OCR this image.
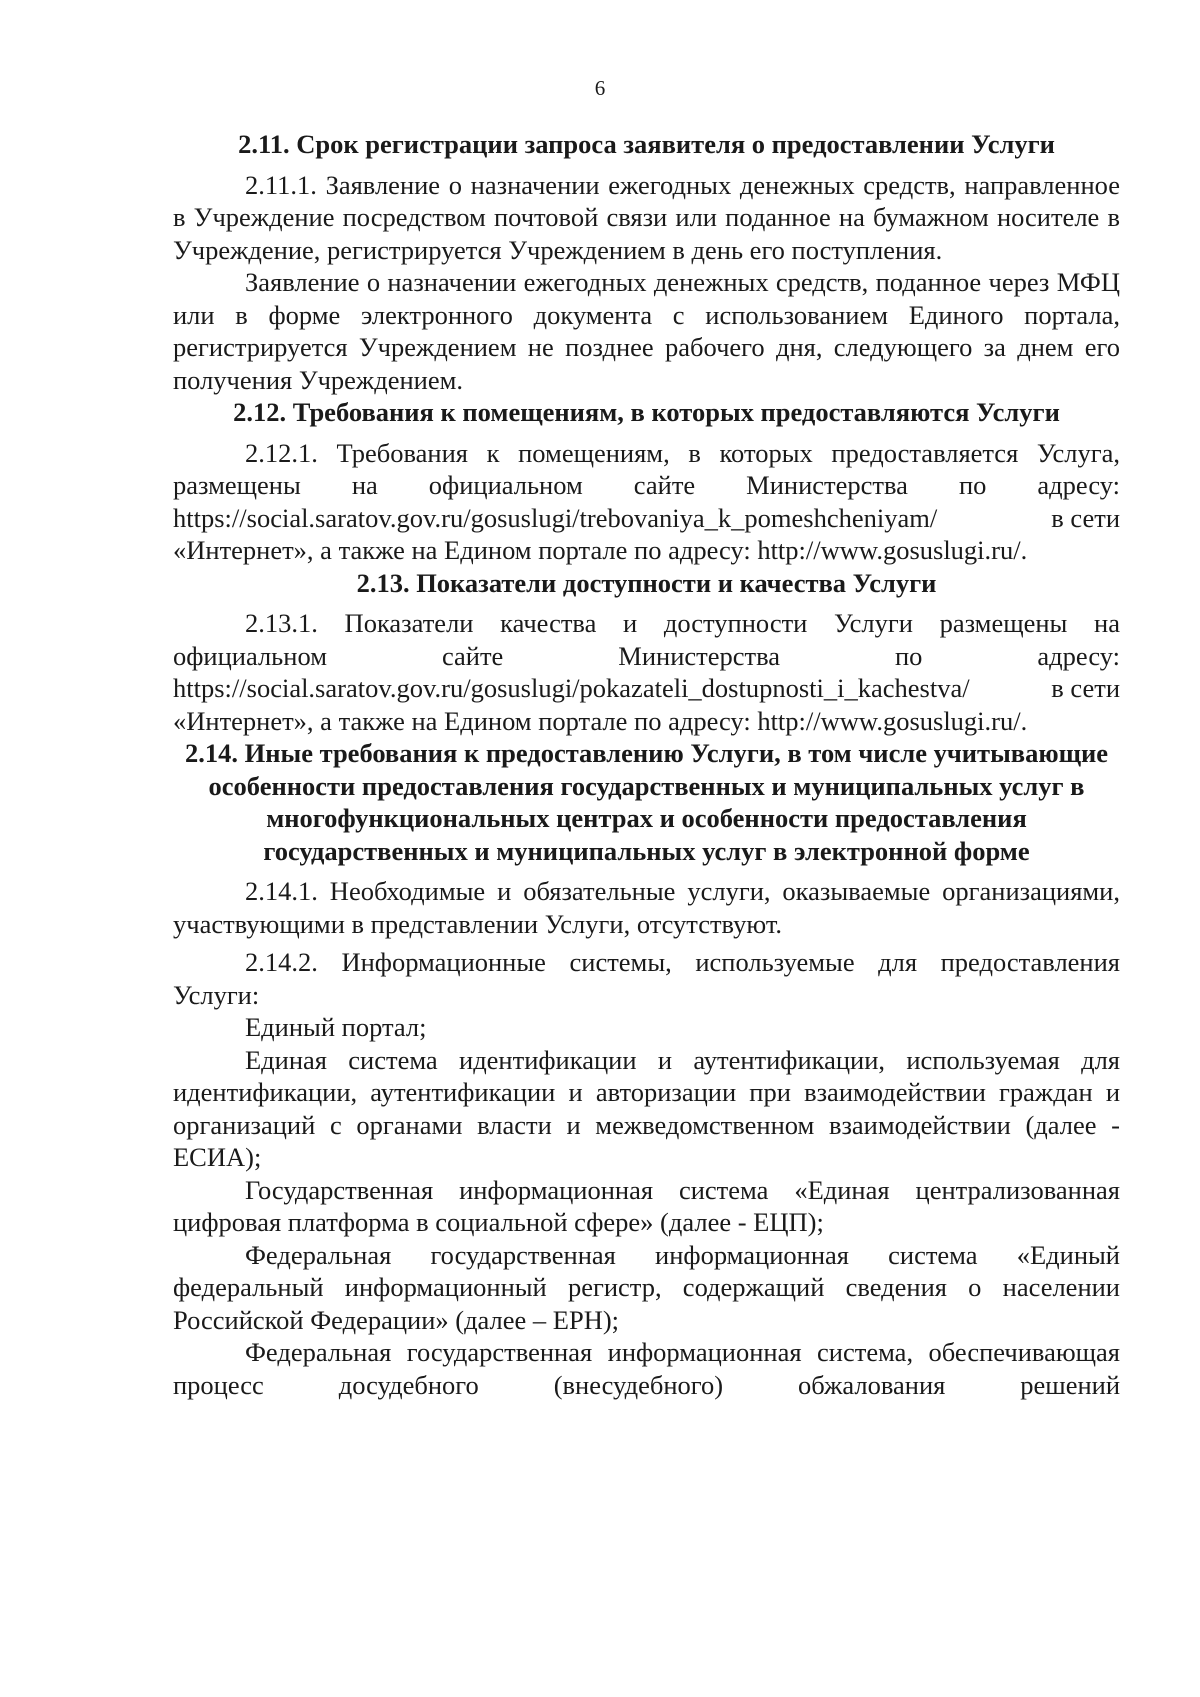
6
2.11. Срок регистрации запроса заявителя о предоставлении Услуги

2.11.1. Заявление о назначении ежегодных денежных средств, направленное в Учреждение посредством почтовой связи или поданное на бумажном носителе в Учреждение, регистрируется Учреждением в день его поступления.

Заявление о назначении ежегодных денежных средств, поданное через МФЦ или в форме электронного документа с использованием Единого портала, регистрируется Учреждением не позднее рабочего дня, следующего за днем его получения Учреждением.

2.12. Требования к помещениям, в которых предоставляются Услуги

2.12.1. Требования к помещениям, в которых предоставляется Услуга, размещены на официальном сайте Министерства по адресу:

https://social.saratov.gov.ru/gosuslugi/trebovaniya_k_pomeshcheniyam/	в сети

«Интернет», а также на Едином портале по адресу: http://www.gosuslugi.ru/.

2.13. Показатели доступности и качества Услуги

2.13.1. Показатели качества и доступности Услуги размещены на официальном сайте Министерства по адресу:

https://social.saratov.gov.ru/gosuslugi/pokazateli_dostupnosti_i_kachestva/	в сети

«Интернет», а также на Едином портале по адресу: http://www.gosuslugi.ru/.

2.14. Иные требования к предоставлению Услуги, в том числе учитывающие особенности предоставления государственных и муниципальных услуг в многофункциональных центрах и особенности предоставления государственных и муниципальных услуг в электронной форме

2.14.1. Необходимые и обязательные услуги, оказываемые организациями, участвующими в представлении Услуги, отсутствуют.

2.14.2. Информационные системы, используемые для предоставления Услуги:

Единый портал;

Единая система идентификации и аутентификации, используемая для идентификации, аутентификации и авторизации при взаимодействии граждан и организаций с органами власти и межведомственном взаимодействии (далее - ЕСИА);

Государственная информационная система «Единая централизованная цифровая платформа в социальной сфере» (далее - ЕЦП);

Федеральная государственная информационная система «Единый федеральный информационный регистр, содержащий сведения о населении Российской Федерации» (далее – ЕРН);

Федеральная государственная информационная система, обеспечивающая процесс досудебного (внесудебного) обжалования решений
